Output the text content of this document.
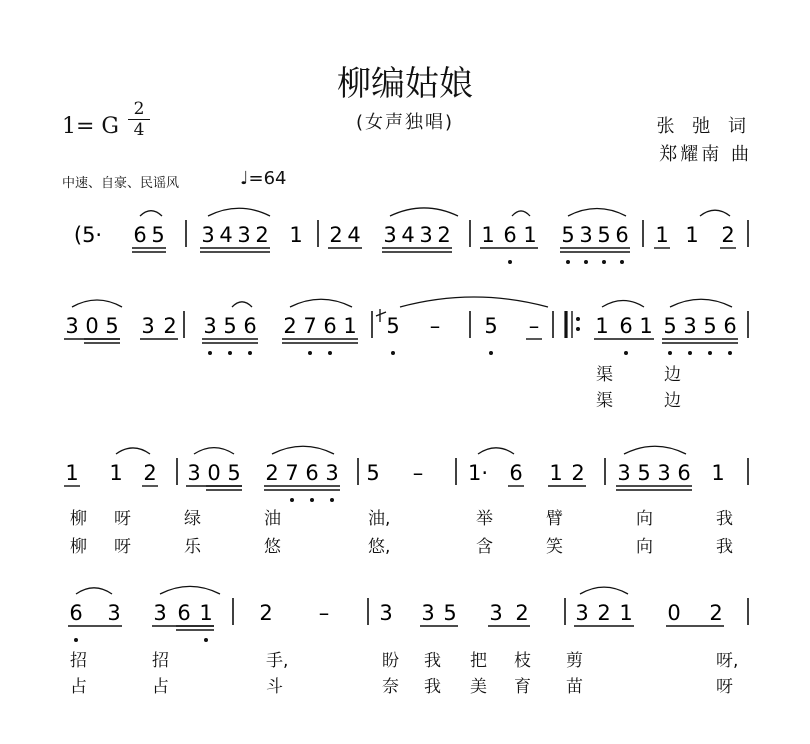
柳编姑娘
(女声独唱)
1= G
2
4	张 弛 词
郑耀南 曲
中速、自豪、民谣风	♩=64
(5· 6 5 3 4 3 2 1 2 4 3 4 3 2 1 6 1 5 3 5 6 1 1 2
3 0 5 3 2 3 5 6 2 7 6 1 5 – 5 –	1 6 1 5 3 5 6
1 1 2 3 0 5 2 7 6 3 5 – 1· 6 1 2 3 5 3 6 1
6 3 3 6 1 2 – 3 3 5 3 2 3 2 1 0 2
渠	边
渠	边
柳 呀	绿	油	油,	举	臂	向	我
柳 呀	乐	悠	悠,	含	笑	向	我
招	招	手,	盼 我 把 枝 剪	呀,
占	占	斗	奈 我 美 育 苗	呀
